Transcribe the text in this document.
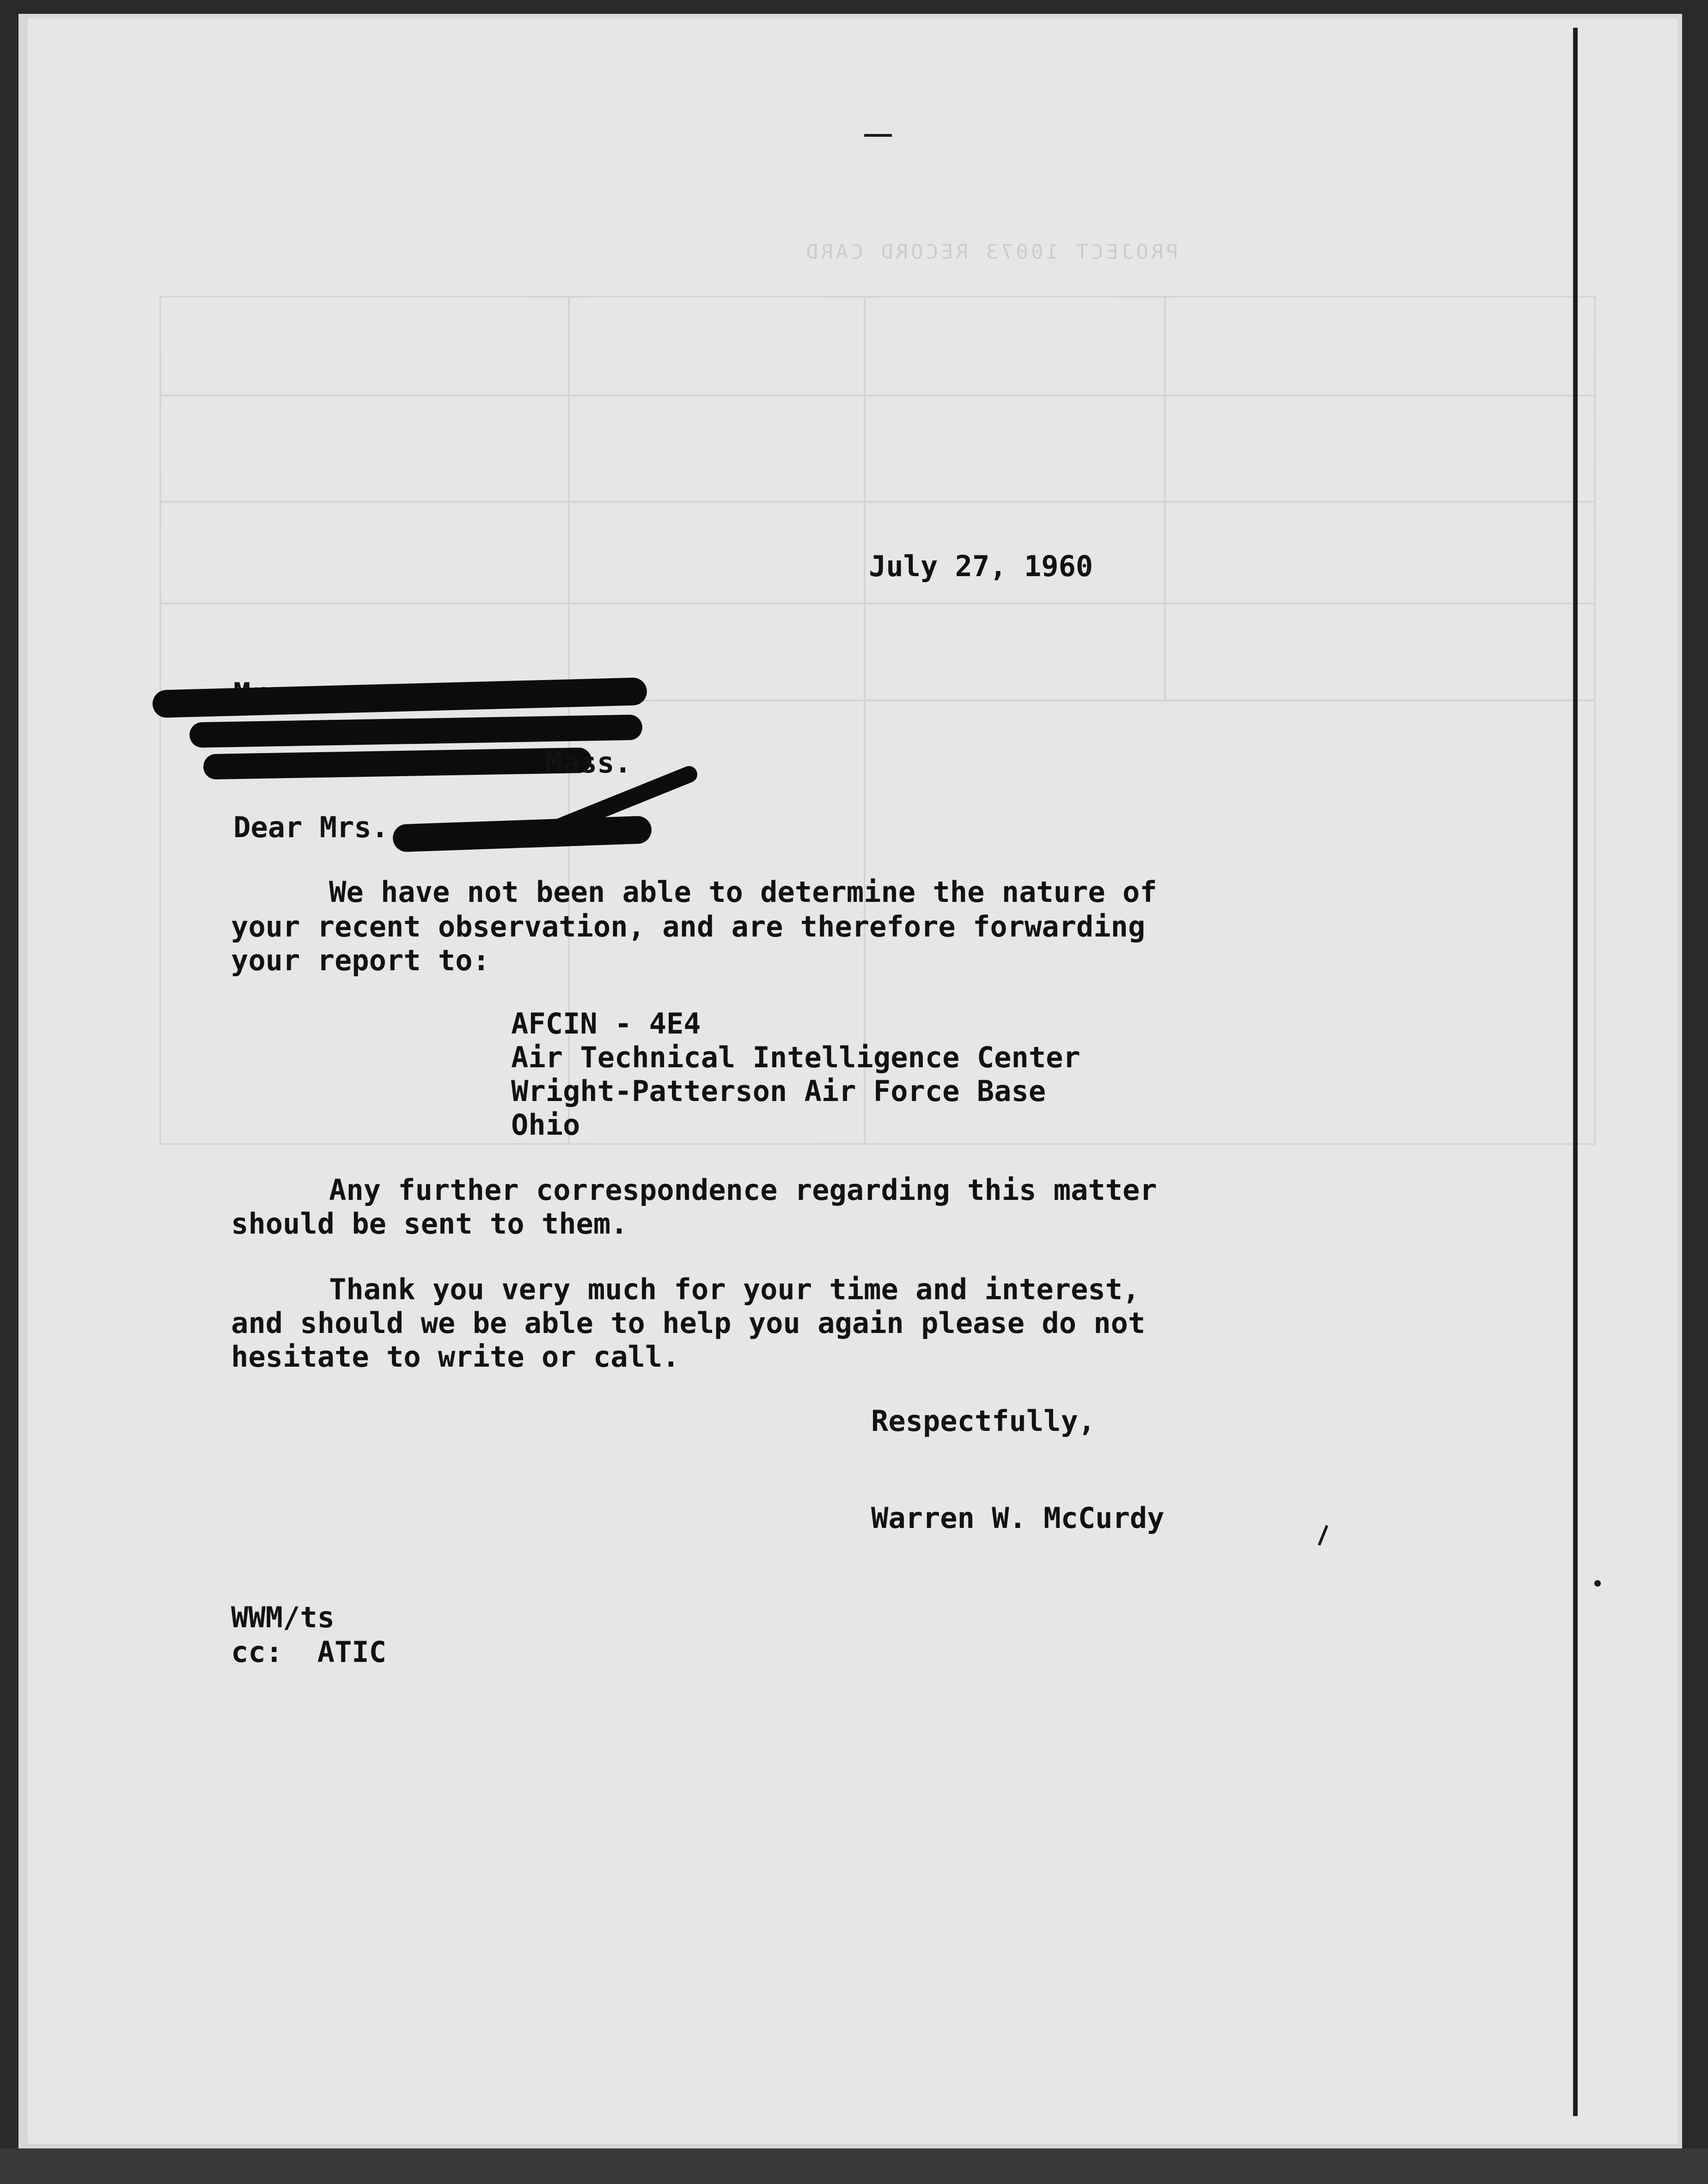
PROJECT 10073 RECORD CARD
July 27, 1960
Mass.
Dear Mrs.
We have not been able to determine the nature of
your recent observation, and are therefore forwarding
your report to:
AFCIN - 4E4
Air Technical Intelligence Center
Wright-Patterson Air Force Base
Ohio
Any further correspondence regarding this matter
should be sent to them.
Thank you very much for your time and interest,
and should we be able to help you again please do not
hesitate to write or call.
Respectfully,
Warren W. McCurdy
WWM/ts
cc:  ATIC
